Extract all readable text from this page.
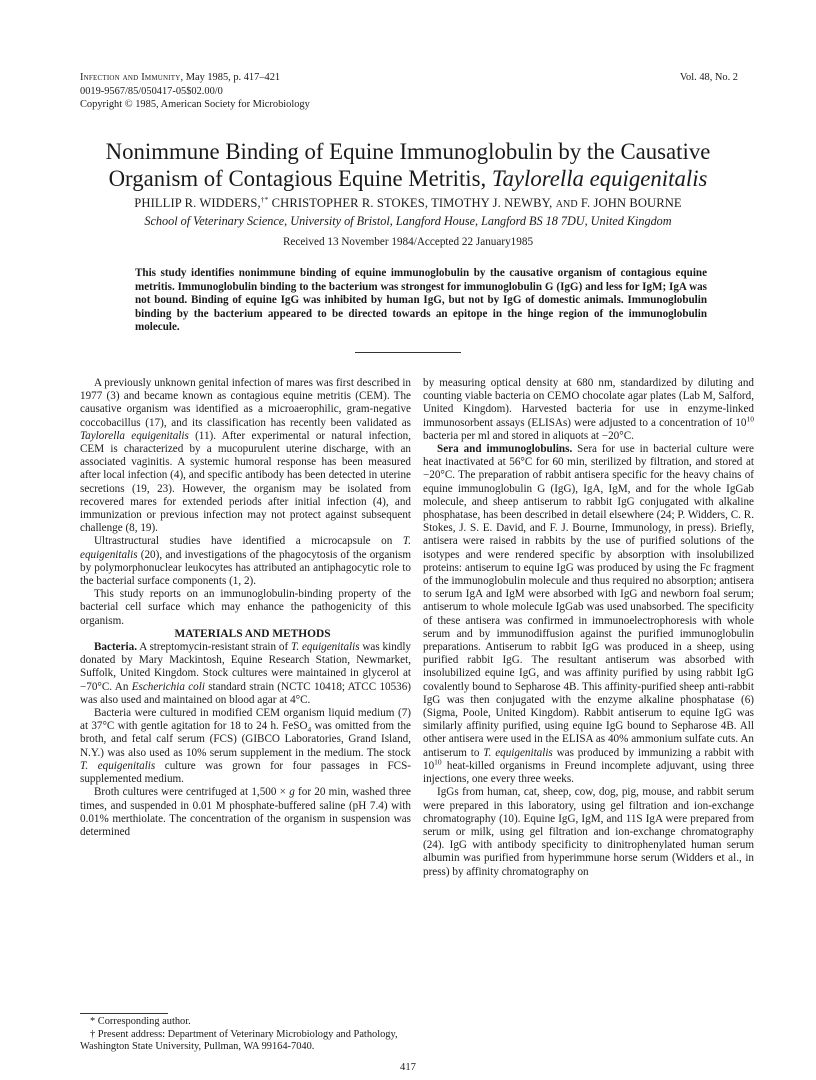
Infection and Immunity, May 1985, p. 417–421
0019-9567/85/050417-05$02.00/0
Copyright © 1985, American Society for Microbiology
Vol. 48, No. 2
Nonimmune Binding of Equine Immunoglobulin by the Causative
Organism of Contagious Equine Metritis, Taylorella equigenitalis
PHILLIP R. WIDDERS,†* CHRISTOPHER R. STOKES, TIMOTHY J. NEWBY, AND F. JOHN BOURNE
School of Veterinary Science, University of Bristol, Langford House, Langford BS 18 7DU, United Kingdom
Received 13 November 1984/Accepted 22 January1985
This study identifies nonimmune binding of equine immunoglobulin by the causative organism of contagious equine metritis. Immunoglobulin binding to the bacterium was strongest for immunoglobulin G (IgG) and less for IgM; IgA was not bound. Binding of equine IgG was inhibited by human IgG, but not by IgG of domestic animals. Immunoglobulin binding by the bacterium appeared to be directed towards an epitope in the hinge region of the immunoglobulin molecule.

A previously unknown genital infection of mares was first described in 1977 (3) and became known as contagious equine metritis (CEM). The causative organism was identified as a microaerophilic, gram-negative coccobacillus (17), and its classification has recently been validated as Taylorella equigenitalis (11). After experimental or natural infection, CEM is characterized by a mucopurulent uterine discharge, with an associated vaginitis. A systemic humoral response has been measured after local infection (4), and specific antibody has been detected in uterine secretions (19, 23). However, the organism may be isolated from recovered mares for extended periods after initial infection (4), and immunization or previous infection may not protect against subsequent challenge (8, 19).

Ultrastructural studies have identified a microcapsule on T. equigenitalis (20), and investigations of the phagocytosis of the organism by polymorphonuclear leukocytes has attributed an antiphagocytic role to the bacterial surface components (1, 2).

This study reports on an immunoglobulin-binding property of the bacterial cell surface which may enhance the pathogenicity of this organism.

MATERIALS AND METHODS

Bacteria. A streptomycin-resistant strain of T. equigenitalis was kindly donated by Mary Mackintosh, Equine Research Station, Newmarket, Suffolk, United Kingdom. Stock cultures were maintained in glycerol at −70°C. An Escherichia coli standard strain (NCTC 10418; ATCC 10536) was also used and maintained on blood agar at 4°C.

Bacteria were cultured in modified CEM organism liquid medium (7) at 37°C with gentle agitation for 18 to 24 h. FeSO$_4$ was omitted from the broth, and fetal calf serum (FCS) (GIBCO Laboratories, Grand Island, N.Y.) was also used as 10% serum supplement in the medium. The stock T. equigenitalis culture was grown for four passages in FCS-supplemented medium.

Broth cultures were centrifuged at 1,500 × g for 20 min, washed three times, and suspended in 0.01 M phosphate-buffered saline (pH 7.4) with 0.01% merthiolate. The concentration of the organism in suspension was determined

by measuring optical density at 680 nm, standardized by diluting and counting viable bacteria on CEMO chocolate agar plates (Lab M, Salford, United Kingdom). Harvested bacteria for use in enzyme-linked immunosorbent assays (ELISAs) were adjusted to a concentration of $10^{10}$ bacteria per ml and stored in aliquots at −20°C.

Sera and immunoglobulins. Sera for use in bacterial culture were heat inactivated at 56°C for 60 min, sterilized by filtration, and stored at −20°C. The preparation of rabbit antisera specific for the heavy chains of equine immunoglobulin G (IgG), IgA, IgM, and for the whole IgGab molecule, and sheep antiserum to rabbit IgG conjugated with alkaline phosphatase, has been described in detail elsewhere (24; P. Widders, C. R. Stokes, J. S. E. David, and F. J. Bourne, Immunology, in press). Briefly, antisera were raised in rabbits by the use of purified solutions of the isotypes and were rendered specific by absorption with insolubilized proteins: antiserum to equine IgG was produced by using the Fc fragment of the immunoglobulin molecule and thus required no absorption; antisera to serum IgA and IgM were absorbed with IgG and newborn foal serum; antiserum to whole molecule IgGab was used unabsorbed. The specificity of these antisera was confirmed in immunoelectrophoresis with whole serum and by immunodiffusion against the purified immunoglobulin preparations. Antiserum to rabbit IgG was produced in a sheep, using purified rabbit IgG. The resultant antiserum was absorbed with insolubilized equine IgG, and was affinity purified by using rabbit IgG covalently bound to Sepharose 4B. This affinity-purified sheep anti-rabbit IgG was then conjugated with the enzyme alkaline phosphatase (6) (Sigma, Poole, United Kingdom). Rabbit antiserum to equine IgG was similarly affinity purified, using equine IgG bound to Sepharose 4B. All other antisera were used in the ELISA as 40% ammonium sulfate cuts. An antiserum to T. equigenitalis was produced by immunizing a rabbit with $10^{10}$ heat-killed organisms in Freund incomplete adjuvant, using three injections, one every three weeks.

IgGs from human, cat, sheep, cow, dog, pig, mouse, and rabbit serum were prepared in this laboratory, using gel filtration and ion-exchange chromatography (10). Equine IgG, IgM, and 11S IgA were prepared from serum or milk, using gel filtration and ion-exchange chromatography (24). IgG with antibody specificity to dinitrophenylated human serum albumin was purified from hyperimmune horse serum (Widders et al., in press) by affinity chromatography on

* Corresponding author.
† Present address: Department of Veterinary Microbiology and Pathology, Washington State University, Pullman, WA 99164-7040.
417
